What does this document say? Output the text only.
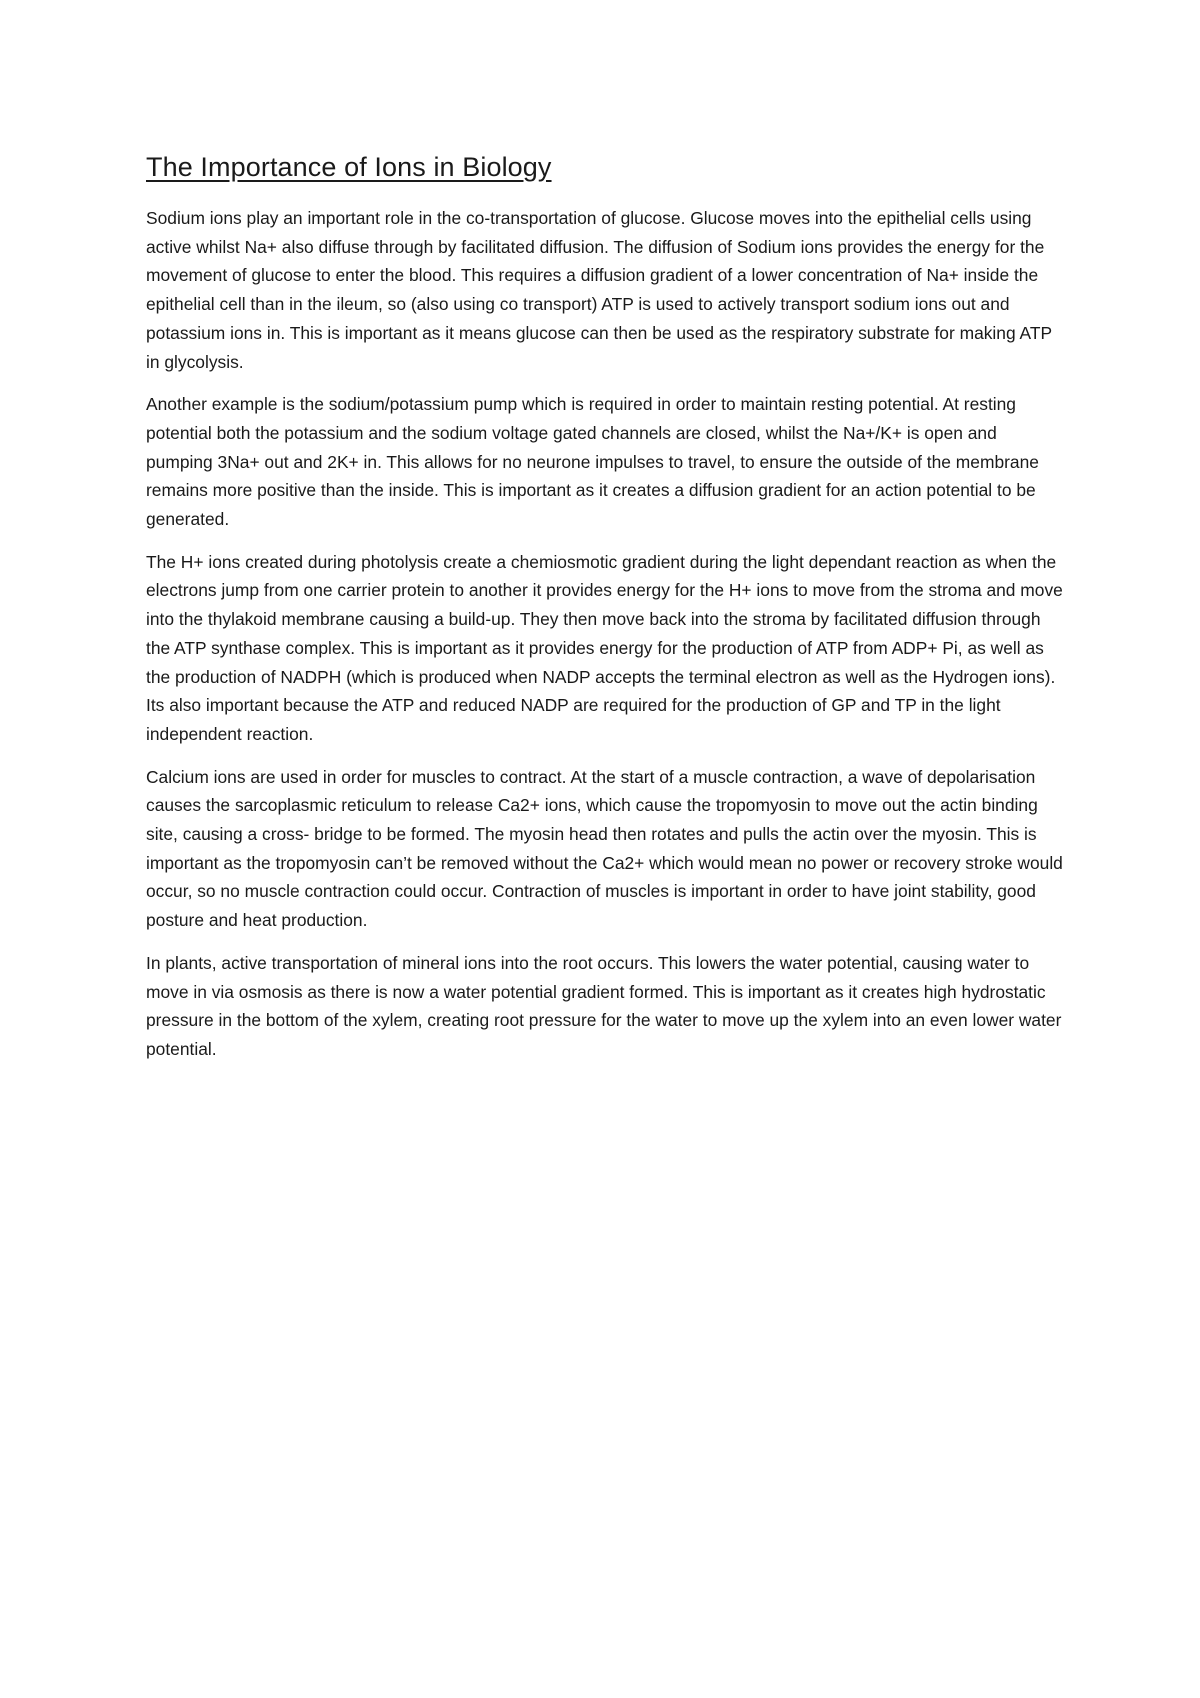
The Importance of Ions in Biology

Sodium ions play an important role in the co-transportation of glucose. Glucose moves into the epithelial cells using active whilst Na+ also diffuse through by facilitated diffusion. The diffusion of Sodium ions provides the energy for the movement of glucose to enter the blood. This requires a diffusion gradient of a lower concentration of Na+ inside the epithelial cell than in the ileum, so (also using co transport) ATP is used to actively transport sodium ions out and potassium ions in. This is important as it means glucose can then be used as the respiratory substrate for making ATP in glycolysis.

Another example is the sodium/potassium pump which is required in order to maintain resting potential. At resting potential both the potassium and the sodium voltage gated channels are closed, whilst the Na+/K+ is open and pumping 3Na+ out and 2K+ in. This allows for no neurone impulses to travel, to ensure the outside of the membrane remains more positive than the inside. This is important as it creates a diffusion gradient for an action potential to be generated.

The H+ ions created during photolysis create a chemiosmotic gradient during the light dependant reaction as when the electrons jump from one carrier protein to another it provides energy for the H+ ions to move from the stroma and move into the thylakoid membrane causing a build-up. They then move back into the stroma by facilitated diffusion through the ATP synthase complex. This is important as it provides energy for the production of ATP from ADP+ Pi, as well as the production of NADPH (which is produced when NADP accepts the terminal electron as well as the Hydrogen ions). Its also important because the ATP and reduced NADP are required for the production of GP and TP in the light independent reaction.

Calcium ions are used in order for muscles to contract. At the start of a muscle contraction, a wave of depolarisation causes the sarcoplasmic reticulum to release Ca2+ ions, which cause the tropomyosin to move out the actin binding site, causing a cross- bridge to be formed. The myosin head then rotates and pulls the actin over the myosin. This is important as the tropomyosin can’t be removed without the Ca2+ which would mean no power or recovery stroke would occur, so no muscle contraction could occur. Contraction of muscles is important in order to have joint stability, good posture and heat production.

In plants, active transportation of mineral ions into the root occurs. This lowers the water potential, causing water to move in via osmosis as there is now a water potential gradient formed. This is important as it creates high hydrostatic pressure in the bottom of the xylem, creating root pressure for the water to move up the xylem into an even lower water potential.
